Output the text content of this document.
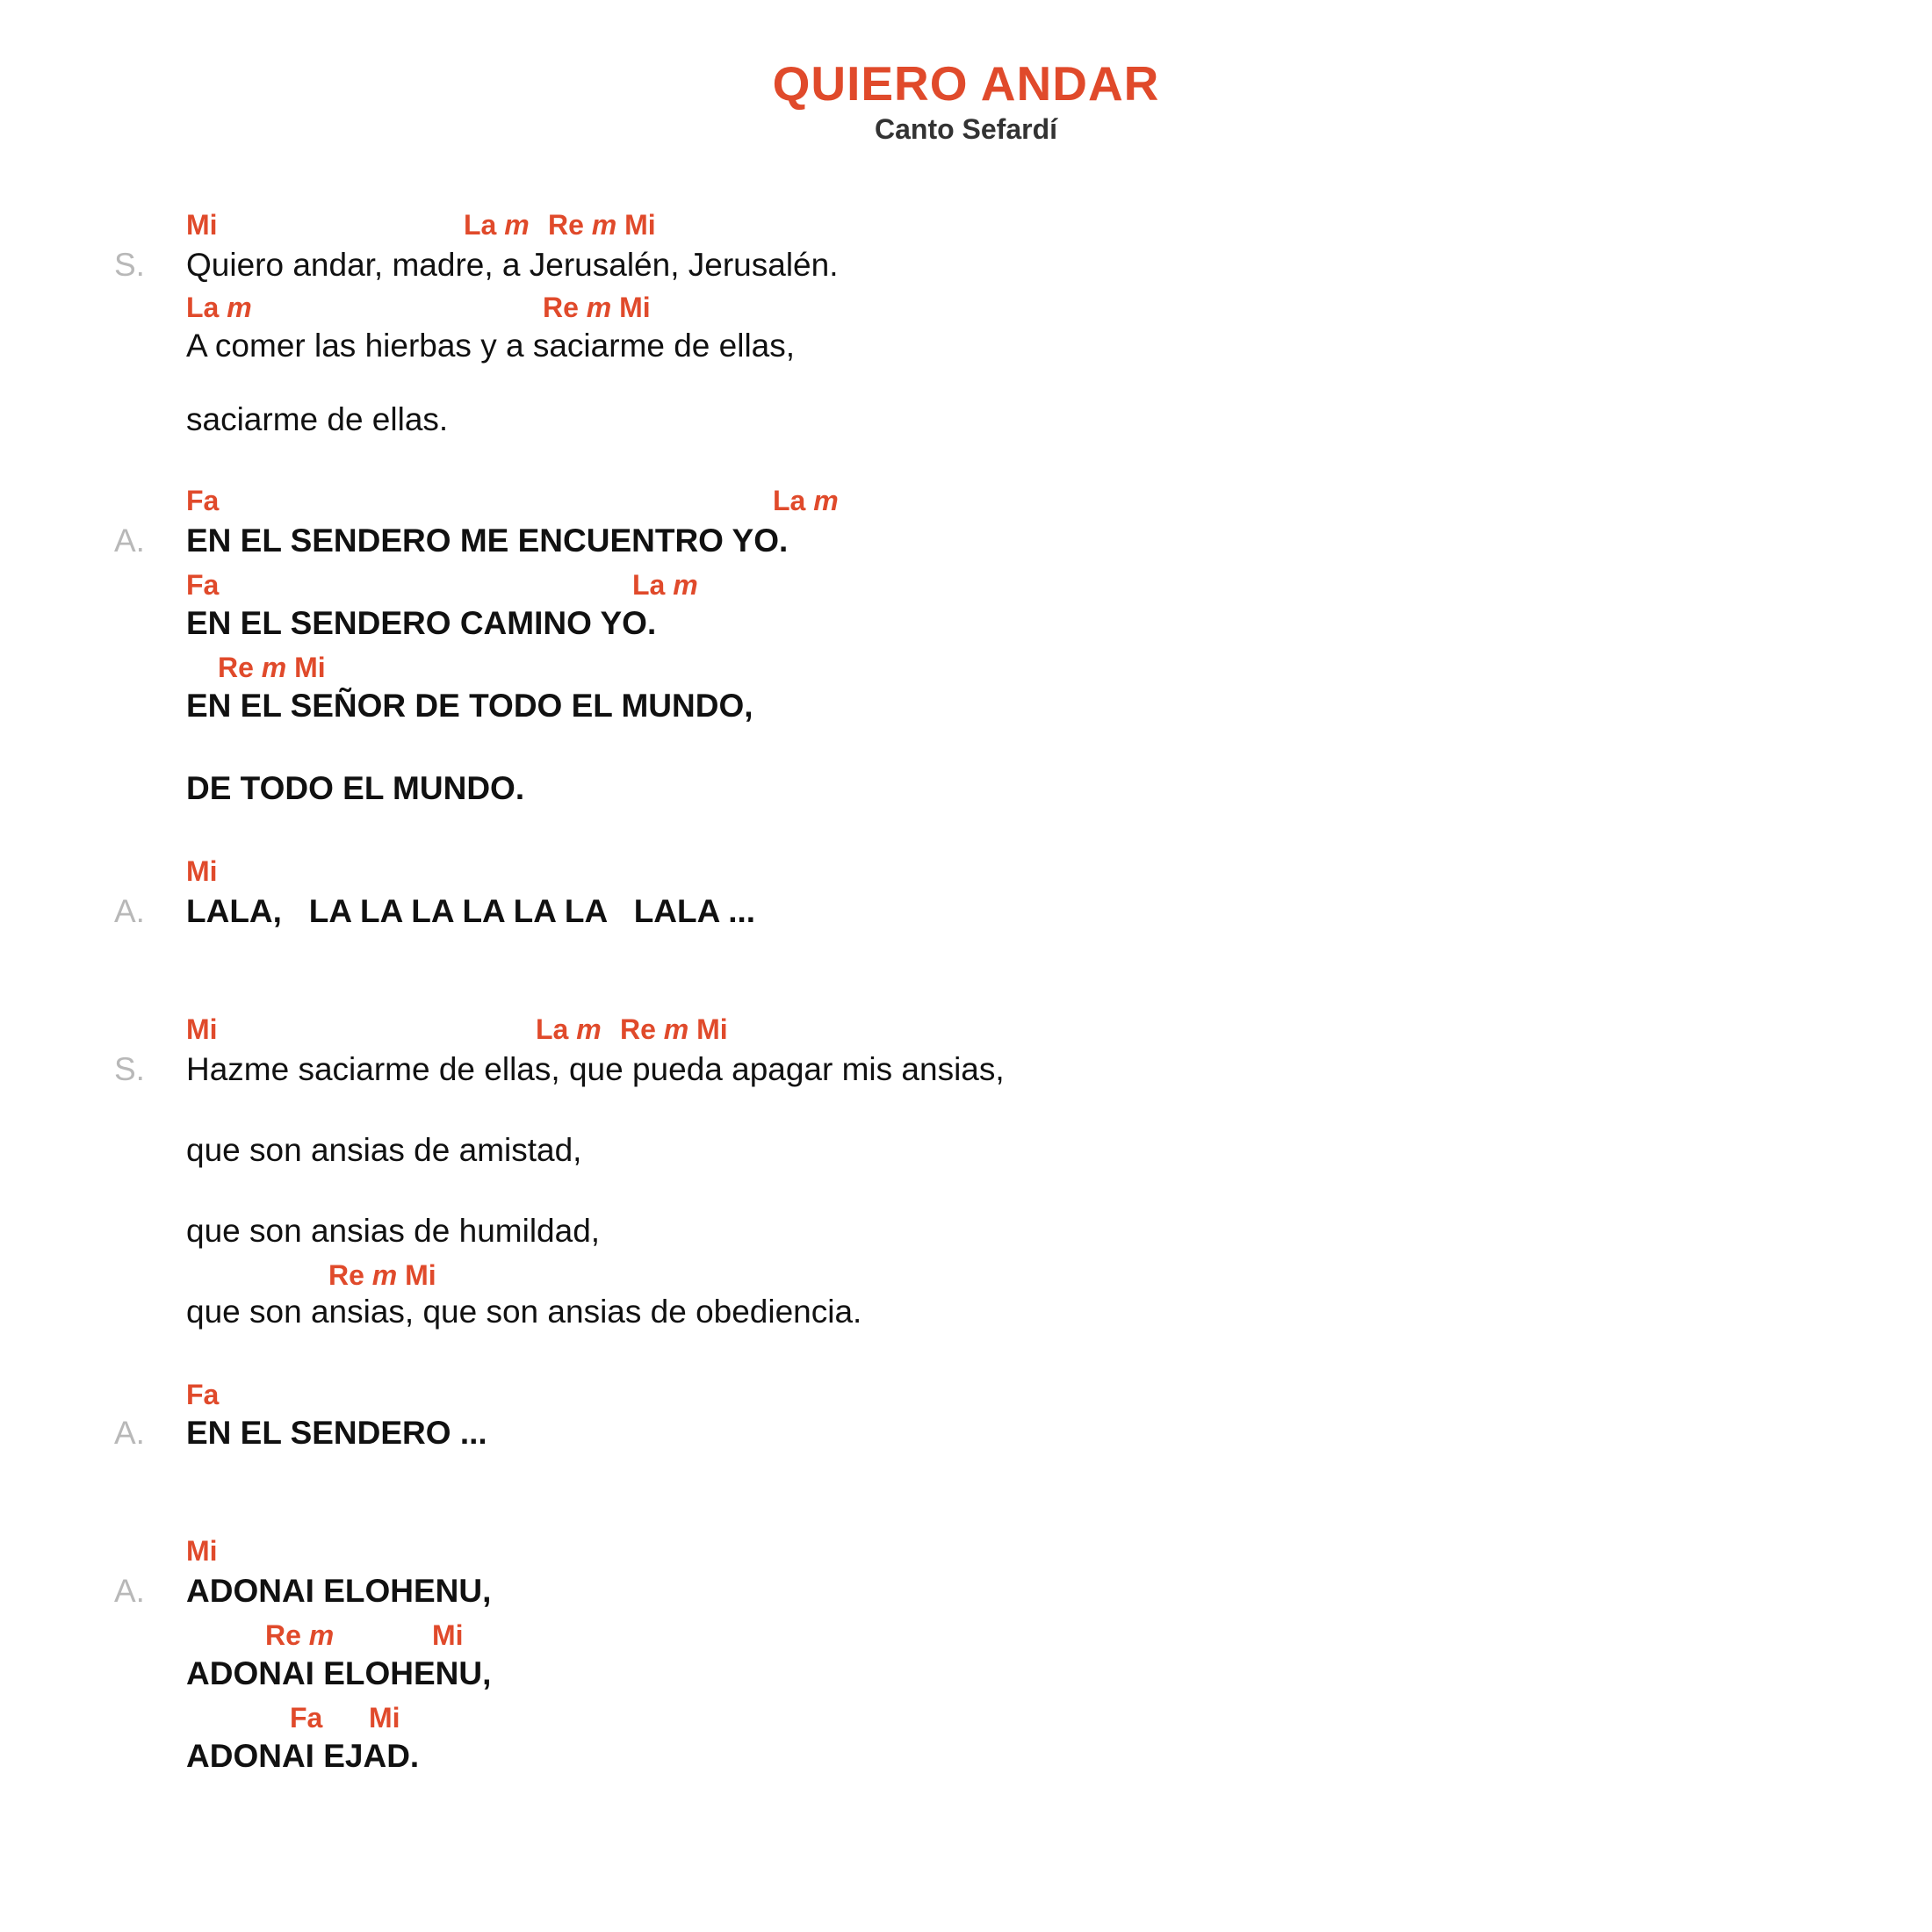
QUIERO ANDAR
Canto Sefardí
Mi	La m Re m Mi
S. Quiero andar, madre, a Jerusalén, Jerusalén.
La m	Re m Mi
A comer las hierbas y a saciarme de ellas,
saciarme de ellas.
Fa	La m
A. EN EL SENDERO ME ENCUENTRO YO.
Fa	La m
EN EL SENDERO CAMINO YO.
Re m Mi
EN EL SEÑOR DE TODO EL MUNDO,
DE TODO EL MUNDO.
Mi
A. LALA,   LA LA LA LA LA LA   LALA ...
Mi	La m Re m Mi
S. Hazme saciarme de ellas, que pueda apagar mis ansias,
que son ansias de amistad,
que son ansias de humildad,
Re m Mi
que son ansias, que son ansias de obediencia.
Fa
A. EN EL SENDERO ...
Mi
A. ADONAI ELOHENU,
Re m	Mi
ADONAI ELOHENU,
Fa Mi
ADONAI EJAD.
